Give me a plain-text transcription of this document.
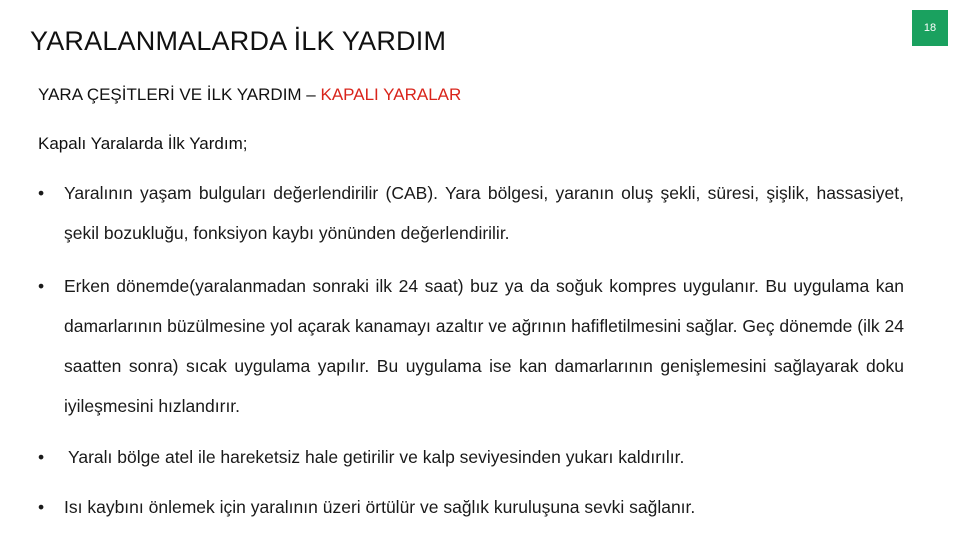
18
YARALANMALARDA İLK YARDIM
YARA ÇEŞİTLERİ VE İLK YARDIM – KAPALI YARALAR
Kapalı Yaralarda İlk Yardım;
•	Yaralının yaşam bulguları değerlendirilir (CAB). Yara bölgesi, yaranın oluş şekli, süresi, şişlik, hassasiyet, şekil bozukluğu, fonksiyon kaybı yönünden değerlendirilir.
•	Erken dönemde(yaralanmadan sonraki ilk 24 saat) buz ya da soğuk kompres uygulanır. Bu uygulama kan damarlarının büzülmesine yol açarak kanamayı azaltır ve ağrının hafifletilmesini sağlar. Geç dönemde (ilk 24 saatten sonra) sıcak uygulama yapılır. Bu uygulama ise kan damarlarının genişlemesini sağlayarak doku iyileşmesini hızlandırır.
•	Yaralı bölge atel ile hareketsiz hale getirilir ve kalp seviyesinden yukarı kaldırılır.
•	Isı kaybını önlemek için yaralının üzeri örtülür ve sağlık kuruluşuna sevki sağlanır.
